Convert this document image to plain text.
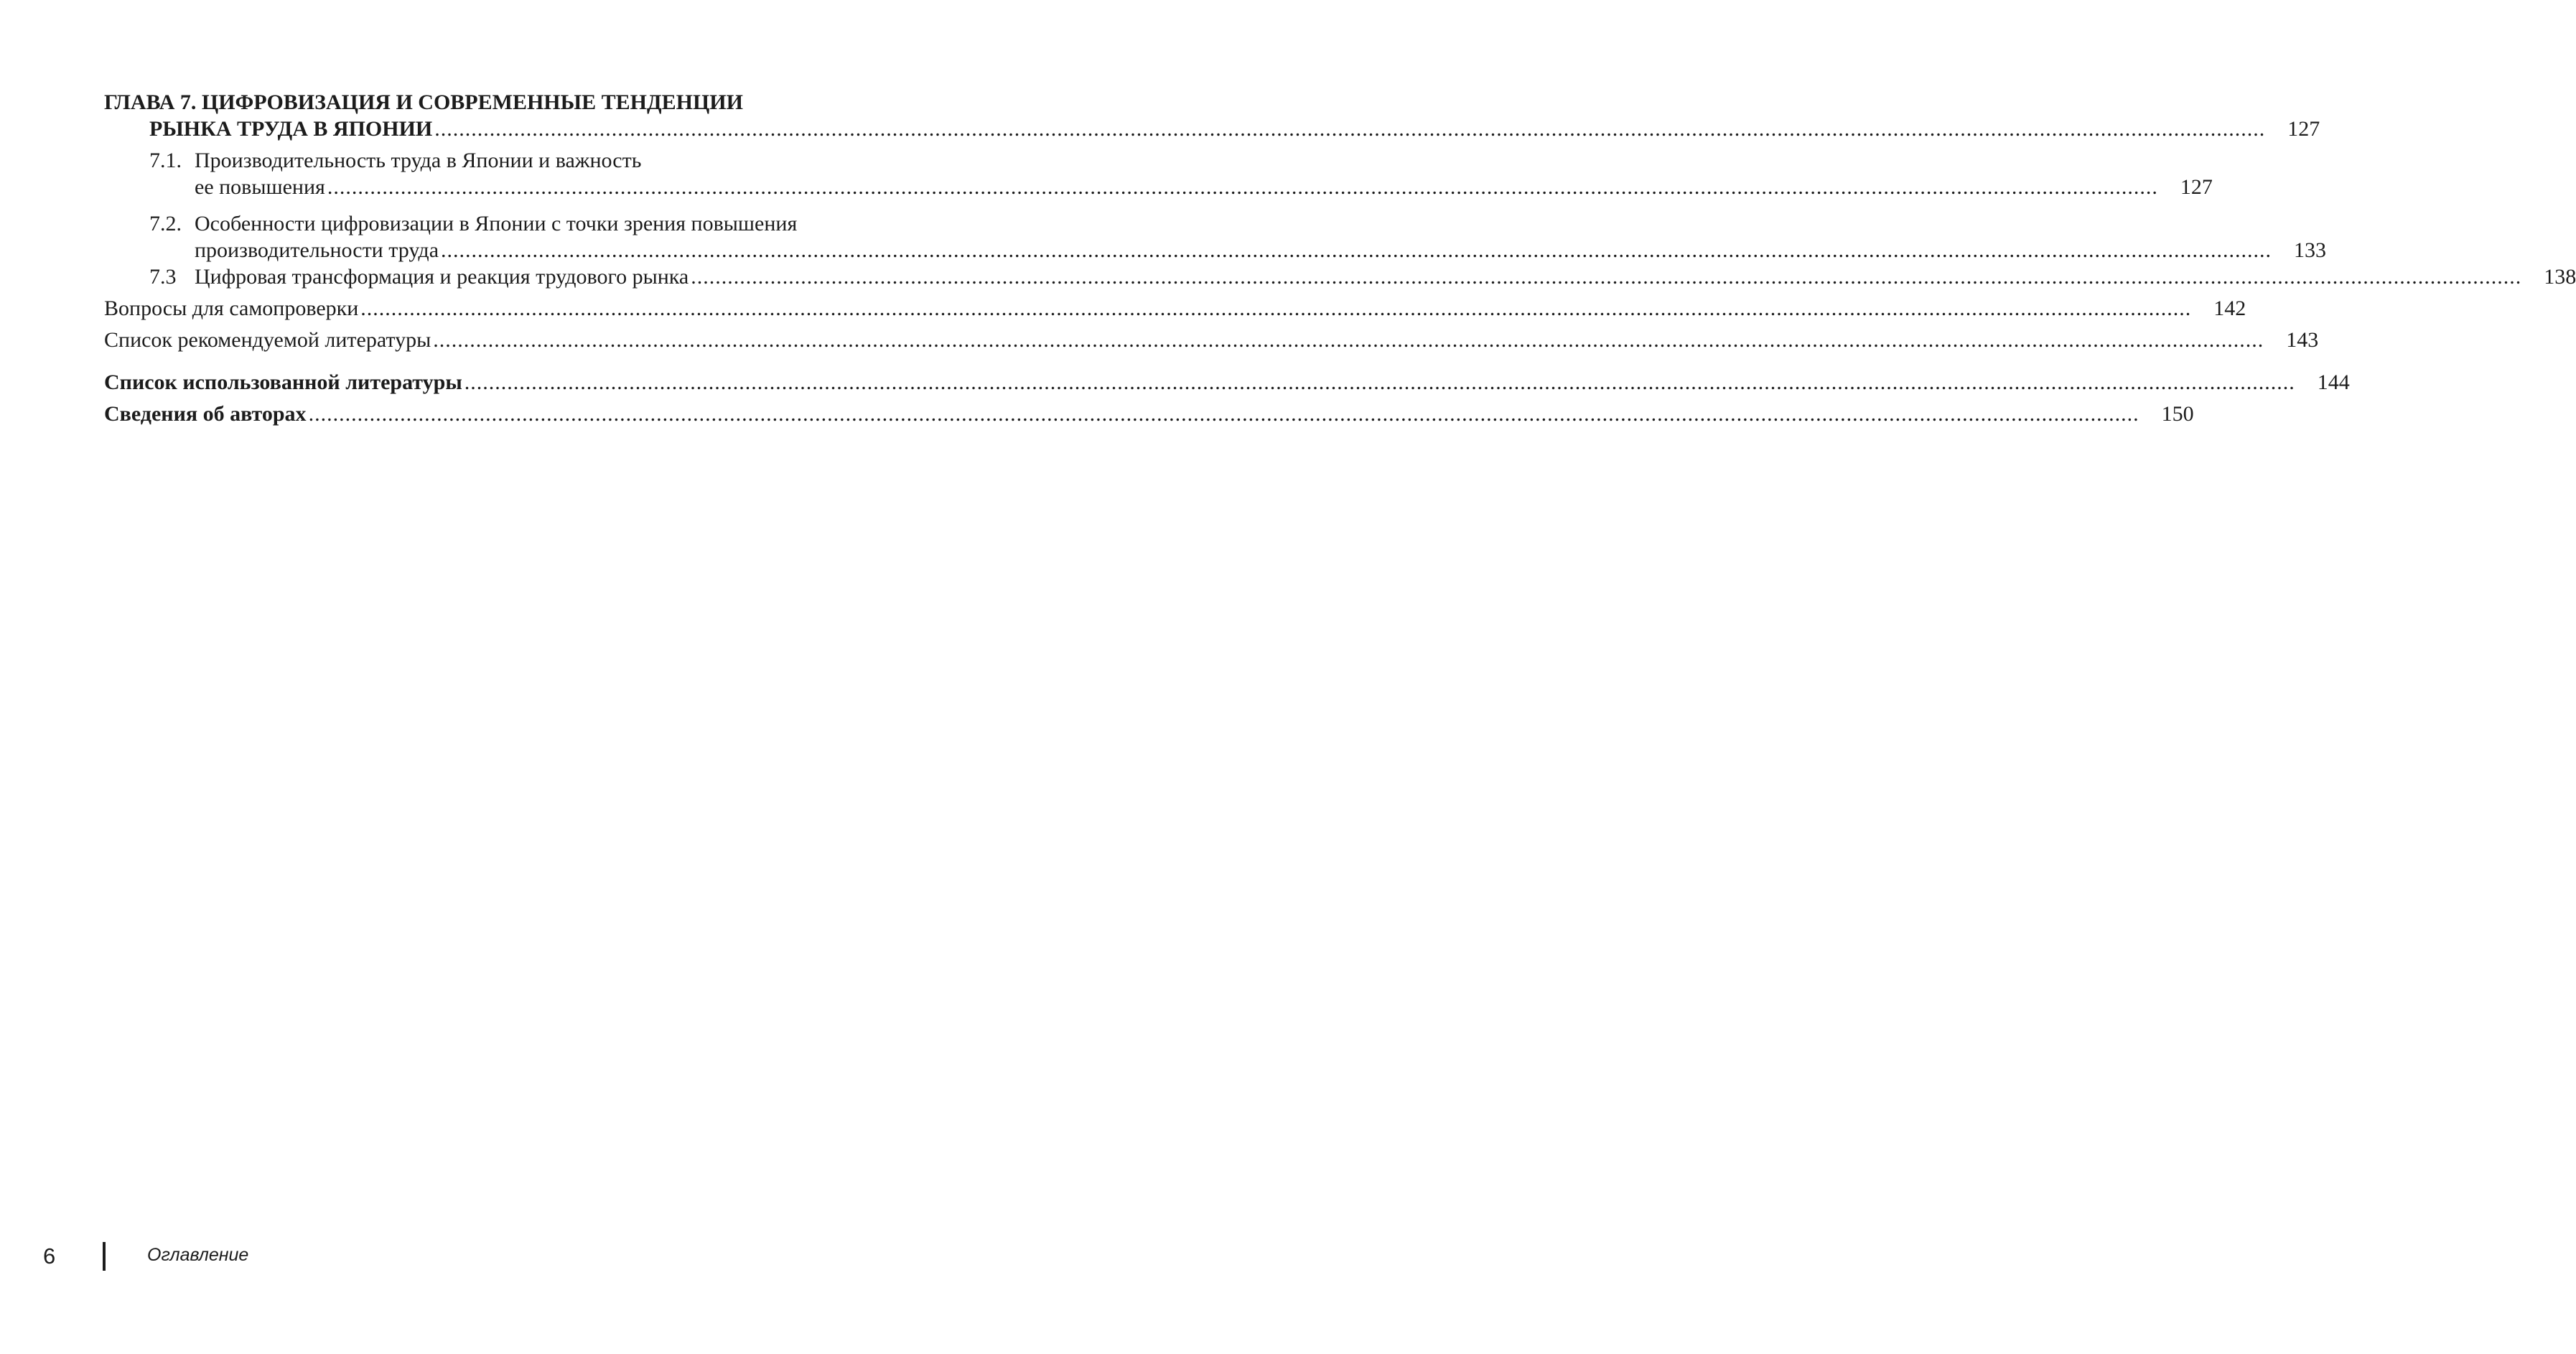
ГЛАВА 7. ЦИФРОВИЗАЦИЯ И СОВРЕМЕННЫЕ ТЕНДЕНЦИИ
РЫНКА ТРУДА В ЯПОНИИ ............................................................................................................................................................................................................................................................................................................	127
7.1. Производительность труда в Японии и важность
ее повышения ............................................................................................................................................................................................................................................................................................................	127
7.2. Особенности цифровизации в Японии с точки зрения повышения
производительности труда ............................................................................................................................................................................................................................................................................................................	133
7.3 Цифровая трансформация и реакция трудового рынка ............................................................................................................................................................................................................................................................................................................	138
Вопросы для самопроверки ............................................................................................................................................................................................................................................................................................................	142
Список рекомендуемой литературы ............................................................................................................................................................................................................................................................................................................	143
Список использованной литературы ............................................................................................................................................................................................................................................................................................................	144
Сведения об авторах ............................................................................................................................................................................................................................................................................................................	150
6	Оглавление
